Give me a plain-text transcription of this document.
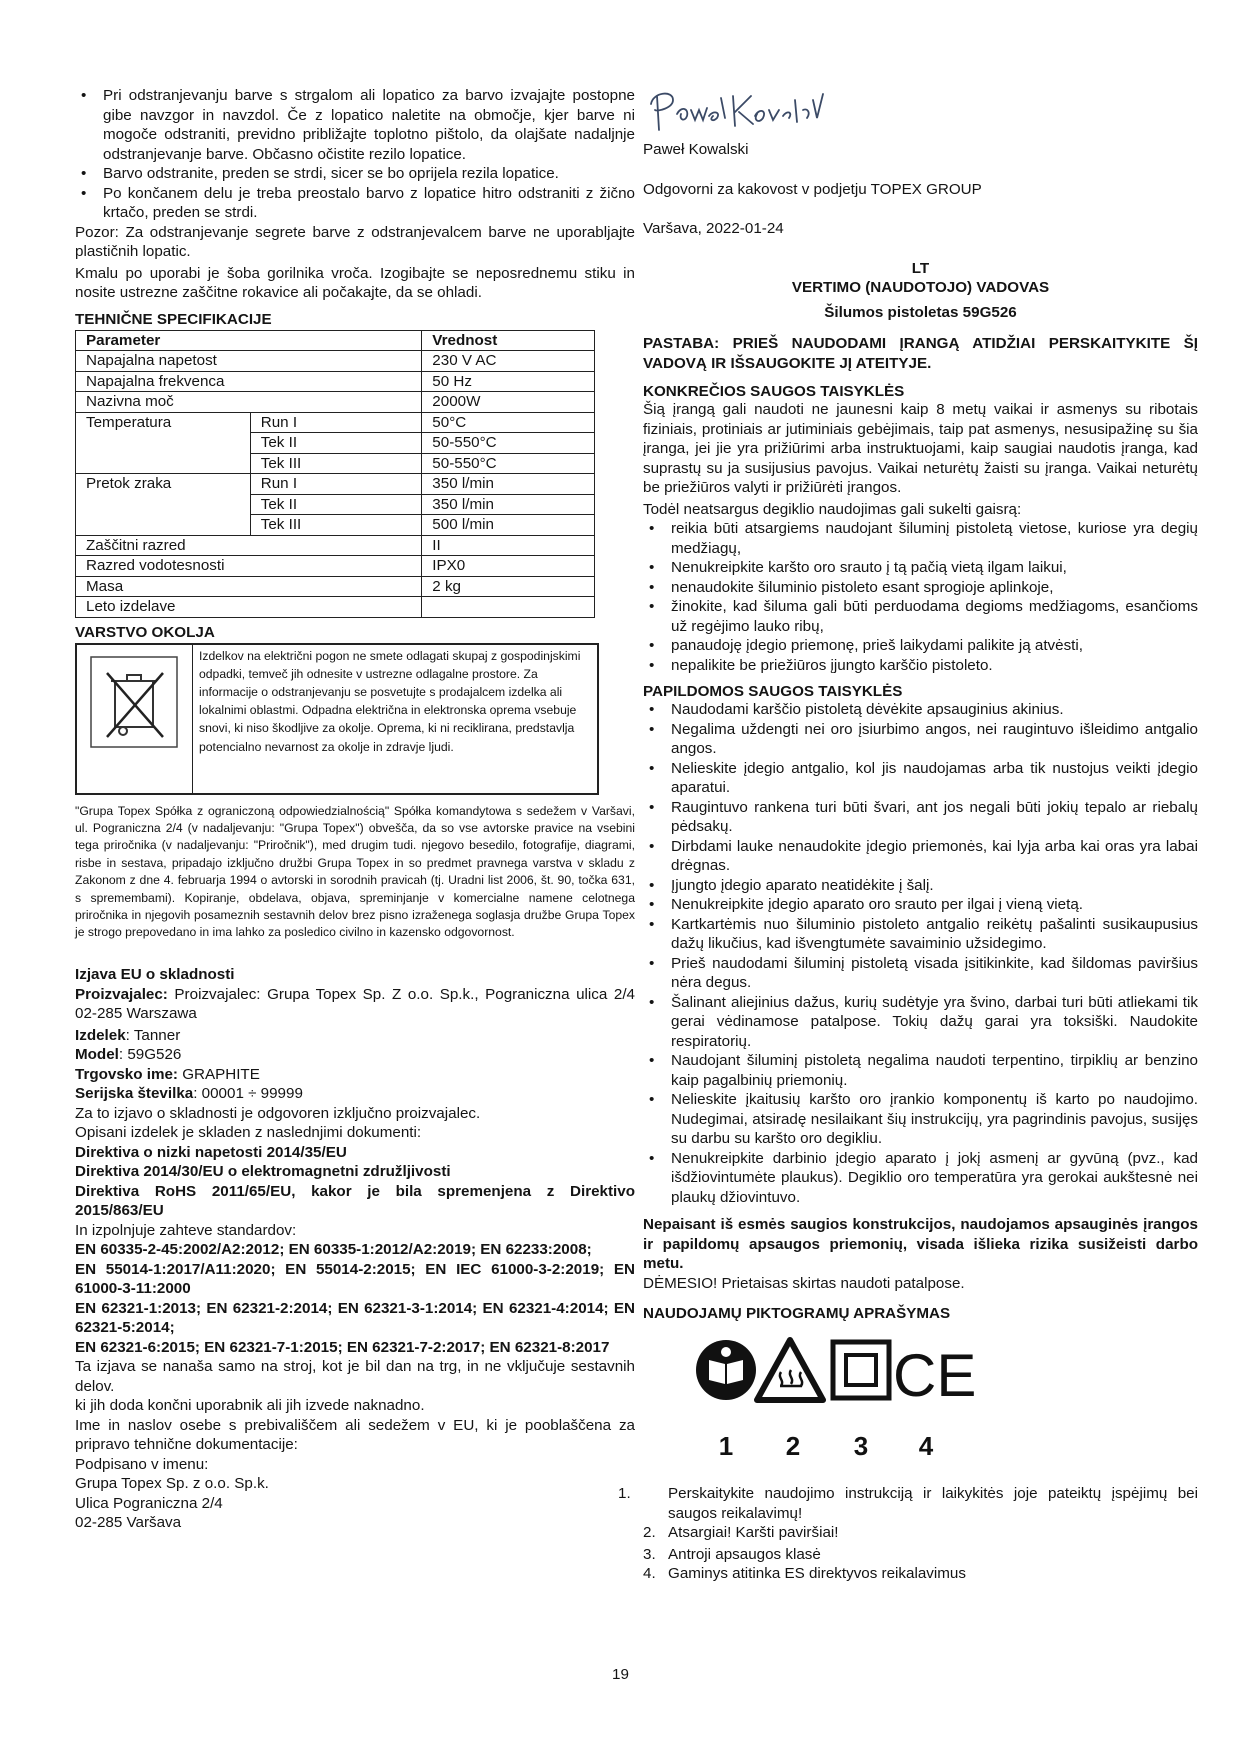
• Pri odstranjevanju barve s strgalom ali lopatico za barvo izvajajte postopne gibe navzgor in navzdol. Če z lopatico naletite na območje, kjer barve ni mogoče odstraniti, previdno približajte toplotno pištolo, da olajšate nadaljnje odstranjevanje barve. Občasno očistite rezilo lopatice.
• Barvo odstranite, preden se strdi, sicer se bo oprijela rezila lopatice.
• Po končanem delu je treba preostalo barvo z lopatice hitro odstraniti z žično krtačo, preden se strdi.

Pozor: Za odstranjevanje segrete barve z odstranjevalcem barve ne uporabljajte plastičnih lopatic.

Kmalu po uporabi je šoba gorilnika vroča. Izogibajte se neposrednemu stiku in nosite ustrezne zaščitne rokavice ali počakajte, da se ohladi.

TEHNIČNE SPECIFIKACIJE
Parameter		Vrednost
Napajalna napetost		230 V AC
Napajalna frekvenca		50 Hz
Nazivna moč		2000W
Temperatura	Run I	50°C
	Tek II	50-550°C
	Tek III	50-550°C
Pretok zraka	Run I	350 l/min
	Tek II	350 l/min
	Tek III	500 l/min
Zaščitni razred		II
Razred vodotesnosti		IPX0
Masa		2 kg
Leto izdelave		
VARSTVO OKOLJA
Izdelkov na električni pogon ne smete odlagati skupaj z gospodinjskimi odpadki, temveč jih odnesite v ustrezne odlagalne prostore. Za informacije o odstranjevanju se posvetujte s prodajalcem izdelka ali lokalnimi oblastmi. Odpadna električna in elektronska oprema vsebuje snovi, ki niso škodljive za okolje. Oprema, ki ni reciklirana, predstavlja potencialno nevarnost za okolje in zdravje ljudi.

"Grupa Topex Spółka z ograniczoną odpowiedzialnością" Spółka komandytowa s sedežem v Varšavi, ul. Pograniczna 2/4 (v nadaljevanju: "Grupa Topex") obvešča, da so vse avtorske pravice na vsebini tega priročnika (v nadaljevanju: "Priročnik"), med drugim tudi. njegovo besedilo, fotografije, diagrami, risbe in sestava, pripadajo izključno družbi Grupa Topex in so predmet pravnega varstva v skladu z Zakonom z dne 4. februarja 1994 o avtorski in sorodnih pravicah (tj. Uradni list 2006, št. 90, točka 631, s spremembami). Kopiranje, obdelava, objava, spreminjanje v komercialne namene celotnega priročnika in njegovih posameznih sestavnih delov brez pisno izraženega soglasja družbe Grupa Topex je strogo prepovedano in ima lahko za posledico civilno in kazensko odgovornost.

Izjava EU o skladnosti

Proizvajalec: Proizvajalec: Grupa Topex Sp. Z o.o. Sp.k., Pograniczna ulica 2/4 02-285 Warszawa

Izdelek: Tanner

Model: 59G526

Trgovsko ime: GRAPHITE

Serijska številka: 00001 ÷ 99999

Za to izjavo o skladnosti je odgovoren izključno proizvajalec.

Opisani izdelek je skladen z naslednjimi dokumenti:

Direktiva o nizki napetosti 2014/35/EU

Direktiva 2014/30/EU o elektromagnetni združljivosti

Direktiva RoHS 2011/65/EU, kakor je bila spremenjena z Direktivo 2015/863/EU

In izpolnjuje zahteve standardov:

EN 60335-2-45:2002/A2:2012; EN 60335-1:2012/A2:2019; EN 62233:2008;

EN 55014-1:2017/A11:2020; EN 55014-2:2015; EN IEC 61000-3-2:2019; EN 61000-3-11:2000

EN 62321-1:2013; EN 62321-2:2014; EN 62321-3-1:2014; EN 62321-4:2014; EN 62321-5:2014;

EN 62321-6:2015; EN 62321-7-1:2015; EN 62321-7-2:2017; EN 62321-8:2017

Ta izjava se nanaša samo na stroj, kot je bil dan na trg, in ne vključuje sestavnih delov.

ki jih doda končni uporabnik ali jih izvede naknadno.

Ime in naslov osebe s prebivališčem ali sedežem v EU, ki je pooblaščena za pripravo tehnične dokumentacije:

Podpisano v imenu:

Grupa Topex Sp. z o.o. Sp.k.

Ulica Pograniczna 2/4

02-285 Varšava

Paweł Kowalski

Odgovorni za kakovost v podjetju TOPEX GROUP

Varšava, 2022-01-24

LT

VERTIMO (NAUDOTOJO) VADOVAS

Šilumos pistoletas 59G526

PASTABA: PRIEŠ NAUDODAMI ĮRANGĄ ATIDŽIAI PERSKAITYKITE ŠĮ VADOVĄ IR IŠSAUGOKITE JĮ ATEITYJE.

KONKREČIOS SAUGOS TAISYKLĖS

Šią įrangą gali naudoti ne jaunesni kaip 8 metų vaikai ir asmenys su ribotais fiziniais, protiniais ar jutiminiais gebėjimais, taip pat asmenys, nesusipažinę su šia įranga, jei jie yra prižiūrimi arba instruktuojami, kaip saugiai naudotis įranga, kad suprastų su ja susijusius pavojus. Vaikai neturėtų žaisti su įranga. Vaikai neturėtų be priežiūros valyti ir prižiūrėti įrangos.

Todėl neatsargus degiklio naudojimas gali sukelti gaisrą:

• reikia būti atsargiems naudojant šiluminį pistoletą vietose, kuriose yra degių medžiagų,
• Nenukreipkite karšto oro srauto į tą pačią vietą ilgam laikui,
• nenaudokite šiluminio pistoleto esant sprogioje aplinkoje,
• žinokite, kad šiluma gali būti perduodama degioms medžiagoms, esančioms už regėjimo lauko ribų,
• panaudoję įdegio priemonę, prieš laikydami palikite ją atvėsti,
• nepalikite be priežiūros įjungto karščio pistoleto.
PAPILDOMOS SAUGOS TAISYKLĖS
• Naudodami karščio pistoletą dėvėkite apsauginius akinius.
• Negalima uždengti nei oro įsiurbimo angos, nei raugintuvo išleidimo antgalio angos.
• Nelieskite įdegio antgalio, kol jis naudojamas arba tik nustojus veikti įdegio aparatui.
• Raugintuvo rankena turi būti švari, ant jos negali būti jokių tepalo ar riebalų pėdsakų.
• Dirbdami lauke nenaudokite įdegio priemonės, kai lyja arba kai oras yra labai drėgnas.
• Įjungto įdegio aparato neatidėkite į šalį.
• Nenukreipkite įdegio aparato oro srauto per ilgai į vieną vietą.
• Kartkartėmis nuo šiluminio pistoleto antgalio reikėtų pašalinti susikaupusius dažų likučius, kad išvengtumėte savaiminio užsidegimo.
• Prieš naudodami šiluminį pistoletą visada įsitikinkite, kad šildomas paviršius nėra degus.
• Šalinant aliejinius dažus, kurių sudėtyje yra švino, darbai turi būti atliekami tik gerai vėdinamose patalpose. Tokių dažų garai yra toksiški. Naudokite respiratorių.
• Naudojant šiluminį pistoletą negalima naudoti terpentino, tirpiklių ar benzino kaip pagalbinių priemonių.
• Nelieskite įkaitusių karšto oro įrankio komponentų iš karto po naudojimo. Nudegimai, atsiradę nesilaikant šių instrukcijų, yra pagrindinis pavojus, susijęs su darbu su karšto oro degikliu.
• Nenukreipkite darbinio įdegio aparato į jokį asmenį ar gyvūną (pvz., kad išdžiovintumėte plaukus). Degiklio oro temperatūra yra gerokai aukštesnė nei plaukų džiovintuvo.

Nepaisant iš esmės saugios konstrukcijos, naudojamos apsauginės įrangos ir papildomų apsaugos priemonių, visada išlieka rizika susižeisti darbo metu.

DĖMESIO! Prietaisas skirtas naudoti patalpose.

NAUDOJAMŲ PIKTOGRAMŲ APRAŠYMAS
CE
1 2 3 4

1. Perskaitykite naudojimo instrukciją ir laikykitės joje pateiktų įspėjimų bei saugos reikalavimų!

2. Atsargiai! Karšti paviršiai!

3. Antroji apsaugos klasė

4. Gaminys atitinka ES direktyvos reikalavimus

19
